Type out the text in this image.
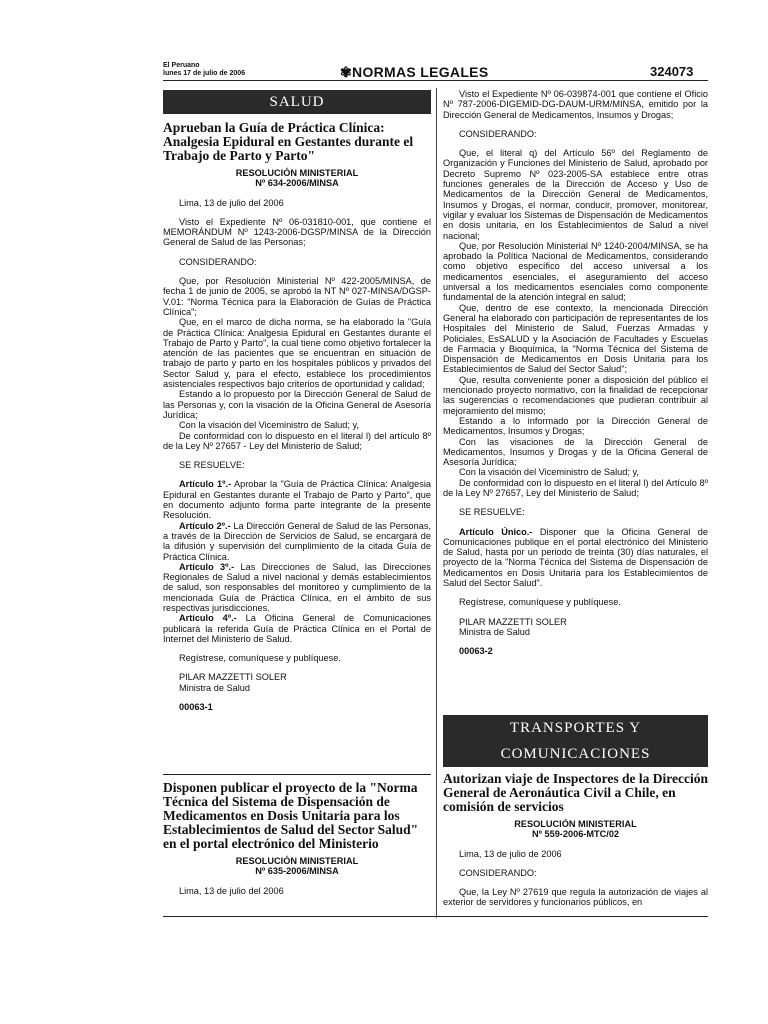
El Peruano
lunes 17 de julio de 2006	✾NORMAS LEGALES	324073
SALUD
Aprueban la Guía de Práctica Clínica: Analgesia Epidural en Gestantes durante el Trabajo de Parto y Parto"
RESOLUCIÓN MINISTERIAL
Nº 634-2006/MINSA

Lima, 13 de julio del 2006

Visto el Expediente Nº 06-031810-001, que contiene el MEMORÁNDUM Nº 1243-2006-DGSP/MINSA de la Dirección General de Salud de las Personas;

CONSIDERANDO:

Que, por Resolución Ministerial Nº 422-2005/MINSA, de fecha 1 de junio de 2005, se aprobó la NT Nº 027-MINSA/DGSP-V.01: "Norma Técnica para la Elaboración de Guías de Práctica Clínica";

Que, en el marco de dicha norma, se ha elaborado la "Guía de Práctica Clínica: Analgesia Epidural en Gestantes durante el Trabajo de Parto y Parto", la cual tiene como objetivo fortalecer la atención de las pacientes que se encuentran en situación de trabajo de parto y parto en los hospitales públicos y privados del Sector Salud y, para el efecto, establece los procedimientos asistenciales respectivos bajo criterios de oportunidad y calidad;

Estando a lo propuesto por la Dirección General de Salud de las Personas y, con la visación de la Oficina General de Asesoría Jurídica;

Con la visación del Viceministro de Salud; y,

De conformidad con lo dispuesto en el literal l) del artículo 8º de la Ley Nº 27657 - Ley del Ministerio de Salud;

SE RESUELVE:

Artículo 1º.- Aprobar la "Guía de Práctica Clínica: Analgesia Epidural en Gestantes durante el Trabajo de Parto y Parto", que en documento adjunto forma parte integrante de la presente Resolución.

Artículo 2º.- La Dirección General de Salud de las Personas, a través de la Dirección de Servicios de Salud, se encargará de la difusión y supervisión del cumplimiento de la citada Guía de Práctica Clínica.

Artículo 3º.- Las Direcciones de Salud, las Direcciones Regionales de Salud a nivel nacional y demás establecimientos de salud, son responsables del monitoreo y cumplimiento de la mencionada Guía de Práctica Clínica, en el ámbito de sus respectivas jurisdicciones.

Artículo 4º.- La Oficina General de Comunicaciones publicará la referida Guía de Práctica Clínica en el Portal de Internet del Ministerio de Salud.

Regístrese, comuníquese y publíquese.

PILAR MAZZETTI SOLER

Ministra de Salud

00063-1

Disponen publicar el proyecto de la "Norma Técnica del Sistema de Dispensación de Medicamentos en Dosis Unitaria para los Establecimientos de Salud del Sector Salud" en el portal electrónico del Ministerio
RESOLUCIÓN MINISTERIAL
Nº 635-2006/MINSA

Lima, 13 de julio del 2006

Visto el Expediente Nº 06-039874-001 que contiene el Oficio Nº 787-2006-DIGEMID-DG-DAUM-URM/MINSA, emitido por la Dirección General de Medicamentos, Insumos y Drogas;

CONSIDERANDO:

Que, el literal q) del Artículo 56º del Reglamento de Organización y Funciones del Ministerio de Salud, aprobado por Decreto Supremo Nº 023-2005-SA establece entre otras funciones generales de la Dirección de Acceso y Uso de Medicamentos de la Dirección General de Medicamentos, Insumos y Drogas, el normar, conducir, promover, monitorear, vigilar y evaluar los Sistemas de Dispensación de Medicamentos en dosis unitaria, en los Establecimientos de Salud a nivel nacional;

Que, por Resolución Ministerial Nº 1240-2004/MINSA, se ha aprobado la Política Nacional de Medicamentos, considerando como objetivo específico del acceso universal a los medicamentos esenciales, el aseguramiento del acceso universal a los medicamentos esenciales como componente fundamental de la atención integral en salud;

Que, dentro de ese contexto, la mencionada Dirección General ha elaborado con participación de representantes de los Hospitales del Ministerio de Salud, Fuerzas Armadas y Policiales, EsSALUD y la Asociación de Facultades y Escuelas de Farmacia y Bioquímica, la "Norma Técnica del Sistema de Dispensación de Medicamentos en Dosis Unitaria para los Establecimientos de Salud del Sector Salud";

Que, resulta conveniente poner a disposición del público el mencionado proyecto normativo, con la finalidad de recepcionar las sugerencias o recomendaciones que pudieran contribuir al mejoramiento del mismo;

Estando a lo informado por la Dirección General de Medicamentos, Insumos y Drogas;

Con las visaciones de la Dirección General de Medicamentos, Insumos y Drogas y de la Oficina General de Asesoría Jurídica;

Con la visación del Viceministro de Salud; y,

De conformidad con lo dispuesto en el literal l) del Artículo 8º de la Ley Nº 27657, Ley del Ministerio de Salud;

SE RESUELVE:

Artículo Único.- Disponer que la Oficina General de Comunicaciones publique en el portal electrónico del Ministerio de Salud, hasta por un periodo de treinta (30) días naturales, el proyecto de la "Norma Técnica del Sistema de Dispensación de Medicamentos en Dosis Unitaria para los Establecimientos de Salud del Sector Salud".

Regístrese, comuníquese y publíquese.

PILAR MAZZETTI SOLER

Ministra de Salud

00063-2

TRANSPORTES Y
COMUNICACIONES
Autorizan viaje de Inspectores de la Dirección General de Aeronáutica Civil a Chile, en comisión de servicios
RESOLUCIÓN MINISTERIAL
Nº 559-2006-MTC/02

Lima, 13 de julio de 2006

CONSIDERANDO:

Que, la Ley Nº 27619 que regula la autorización de viajes al exterior de servidores y funcionarios públicos, en
